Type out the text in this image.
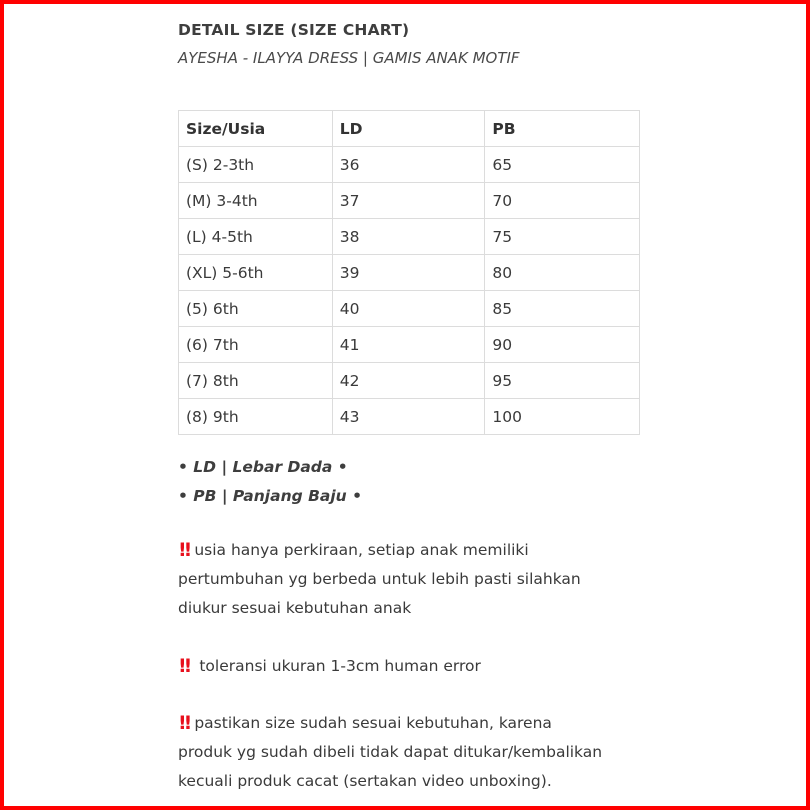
DETAIL SIZE (SIZE CHART)
AYESHA - ILAYYA DRESS | GAMIS ANAK MOTIF
Size/Usia	LD	PB
(S) 2-3th	36	65
(M) 3-4th	37	70
(L) 4-5th	38	75
(XL) 5-6th	39	80
(5) 6th	40	85
(6) 7th	41	90
(7) 8th	42	95
(8) 9th	43	100
• LD | Lebar Dada •
• PB | Panjang Baju •
!! usia hanya perkiraan, setiap anak memiliki
pertumbuhan yg berbeda untuk lebih pasti silahkan
diukur sesuai kebutuhan anak
!! toleransi ukuran 1-3cm human error
!! pastikan size sudah sesuai kebutuhan, karena
produk yg sudah dibeli tidak dapat ditukar/kembalikan
kecuali produk cacat (sertakan video unboxing).
